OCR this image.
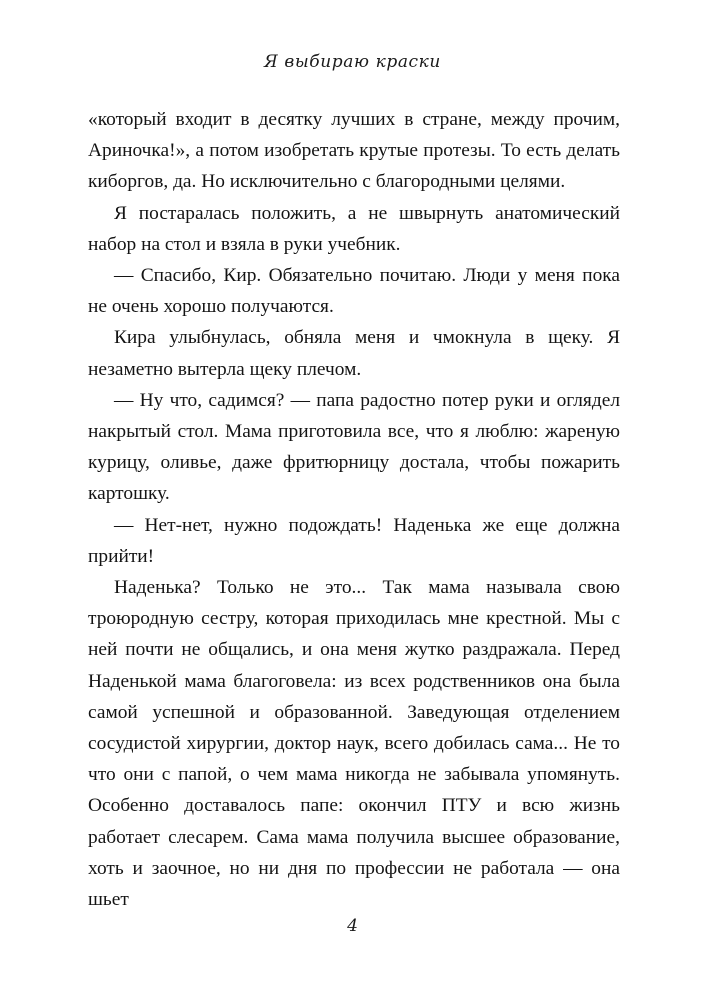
Я выбираю краски

«который входит в десятку лучших в стране, между прочим, Ариночка!», а потом изобретать крутые протезы. То есть делать киборгов, да. Но исключительно с благородными целями.

Я постаралась положить, а не швырнуть анатомический набор на стол и взяла в руки учебник.

— Спасибо, Кир. Обязательно почитаю. Люди у меня пока не очень хорошо получаются.

Кира улыбнулась, обняла меня и чмокнула в щеку. Я незаметно вытерла щеку плечом.

— Ну что, садимся? — папа радостно потер руки и оглядел накрытый стол. Мама приготовила все, что я люблю: жареную курицу, оливье, даже фритюрницу достала, чтобы пожарить картошку.

— Нет-нет, нужно подождать! Наденька же еще должна прийти!

Наденька? Только не это... Так мама называла свою троюродную сестру, которая приходилась мне крестной. Мы с ней почти не общались, и она меня жутко раздражала. Перед Наденькой мама благоговела: из всех родственников она была самой успешной и образованной. Заведующая отделением сосудистой хирургии, доктор наук, всего добилась сама... Не то что они с папой, о чем мама никогда не забывала упомянуть. Особенно доставалось папе: окончил ПТУ и всю жизнь работает слесарем. Сама мама получила высшее образование, хоть и заочное, но ни дня по профессии не работала — она шьет

4
